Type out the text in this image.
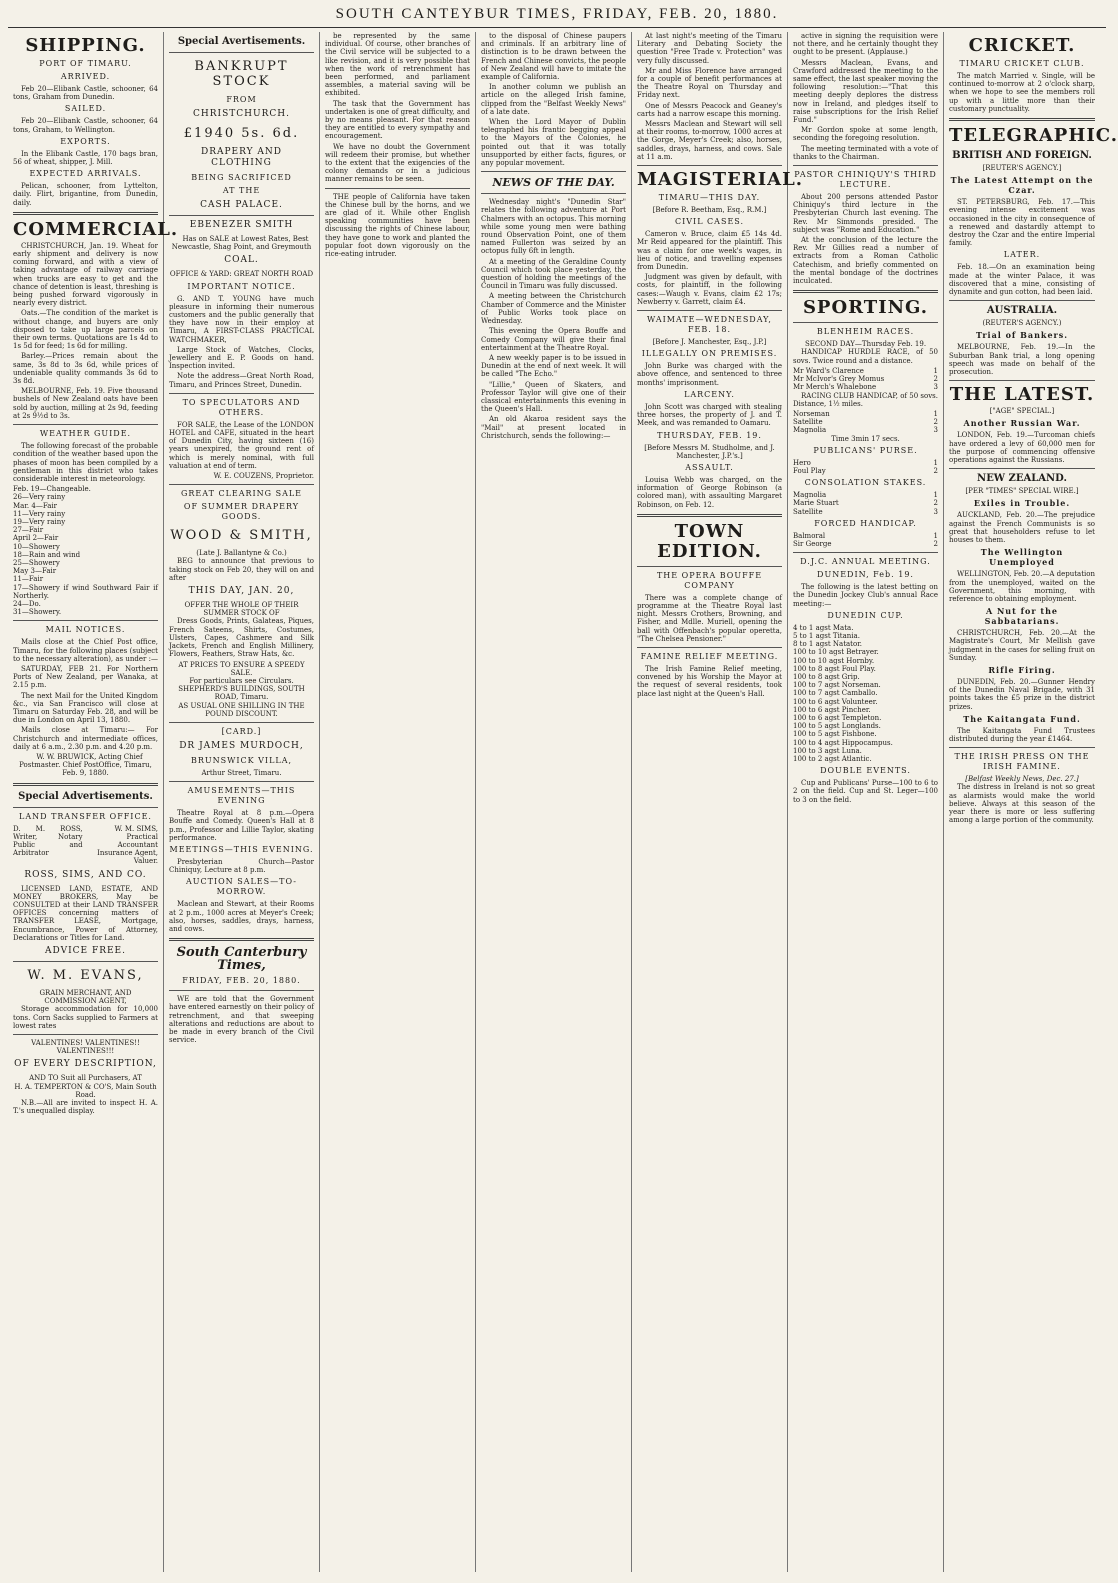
SOUTH CANTEYBUR TIMES, FRIDAY, FEB. 20, 1880.
SHIPPING.
PORT OF TIMARU.
ARRIVED.

Feb 20—Elibank Castle, schooner, 64 tons, Graham from Dunedin.

SAILED.

Feb 20—Elibank Castle, schooner, 64 tons, Graham, to Wellington.

EXPORTS.

In the Elibank Castle, 170 bags bran, 56 of wheat, shipper, J. Mill.

EXPECTED ARRIVALS.

Pelican, schooner, from Lyttelton, daily. Flirt, brigantine, from Dunedin, daily.

COMMERCIAL.

CHRISTCHURCH, Jan. 19. Wheat for early shipment and delivery is now coming forward, and with a view of taking advantage of railway carriage when trucks are easy to get and the chance of detention is least, threshing is being pushed forward vigorously in nearly every district.

Oats.—The condition of the market is without change, and buyers are only disposed to take up large parcels on their own terms. Quotations are 1s 4d to 1s 5d for feed; 1s 6d for milling.

Barley.—Prices remain about the same, 3s 8d to 3s 6d, while prices of undeniable quality commands 3s 6d to 3s 8d.

MELBOURNE, Feb. 19. Five thousand bushels of New Zealand oats have been sold by auction, milling at 2s 9d, feeding at 2s 9½d to 3s.

WEATHER GUIDE.

The following forecast of the probable condition of the weather based upon the phases of moon has been compiled by a gentleman in this district who takes considerable interest in meteorology.

Feb. 19—Changeable.
26—Very rainy
Mar. 4—Fair
11—Very rainy
19—Very rainy
27—Fair
April 2—Fair
10—Showery
18—Rain and wind
25—Showery
May 3—Fair
11—Fair
17—Showery if wind Southward Fair if Northerly.
24—Do.
31—Showery.
MAIL NOTICES.

Mails close at the Chief Post office, Timaru, for the following places (subject to the necessary alteration), as under :—

SATURDAY, FEB 21. For Northern Ports of New Zealand, per Wanaka, at 2.15 p.m.

The next Mail for the United Kingdom &c., via San Francisco will close at Timaru on Saturday Feb. 28, and will be due in London on April 13, 1880.

Mails close at Timaru:— For Christchurch and intermediate offices, daily at 6 a.m., 2.30 p.m. and 4.20 p.m.

W. W. BRUWICK, Acting Chief Postmaster. Chief PostOffice, Timaru, Feb. 9, 1880.

Special Advertisements.
LAND TRANSFER OFFICE.
D. M. ROSS, Writer, Notary Public and Arbitrator
W. M. SIMS, Practical Accountant Insurance Agent, Valuer.
ROSS, SIMS, AND CO.

LICENSED LAND, ESTATE, AND MONEY BROKERS, May be CONSULTED at their LAND TRANSFER OFFICES concerning matters of TRANSFER LEASE, Mortgage, Encumbrance, Power of Attorney, Declarations or Titles for Land.

ADVICE FREE.
W. M. EVANS,
GRAIN MERCHANT, AND COMMISSION AGENT,

Storage accommodation for 10,000 tons. Corn Sacks supplied to Farmers at lowest rates

VALENTINES! VALENTINES!! VALENTINES!!!
OF EVERY DESCRIPTION,
AND TO Suit all Purchasers, AT
H. A. TEMPERTON & CO'S, Main South Road.

N.B.—All are invited to inspect H. A. T.'s unequalled display.

Special Avertisements.
BANKRUPT STOCK
FROM
CHRISTCHURCH.
£1940 5s. 6d.
DRAPERY AND CLOTHING
BEING SACRIFICED
AT THE
CASH PALACE.
EBENEZER SMITH

Has on SALE at Lowest Rates, Best Newcastle, Shag Point, and Greymouth

COAL.
OFFICE & YARD: GREAT NORTH ROAD
IMPORTANT NOTICE.

G. AND T. YOUNG have much pleasure in informing their numerous customers and the public generally that they have now in their employ at Timaru, A FIRST-CLASS PRACTICAL WATCHMAKER,

Large Stock of Watches, Clocks, Jewellery and E. P. Goods on hand. Inspection invited.

Note the address—Great North Road, Timaru, and Princes Street, Dunedin.

TO SPECULATORS AND OTHERS.

FOR SALE, the Lease of the LONDON HOTEL and CAFE, situated in the heart of Dunedin City, having sixteen (16) years unexpired, the ground rent of which is merely nominal, with full valuation at end of term.

W. E. COUZENS, Proprietor.

GREAT CLEARING SALE
OF SUMMER DRAPERY GOODS.
WOOD & SMITH,
(Late J. Ballantyne & Co.)

BEG to announce that previous to taking stock on Feb 20, they will on and after

THIS DAY, JAN. 20,
OFFER THE WHOLE OF THEIR SUMMER STOCK OF

Dress Goods, Prints, Galateas, Piques, French Sateens, Shirts, Costumes, Ulsters, Capes, Cashmere and Silk Jackets, French and English Millinery, Flowers, Feathers, Straw Hats, &c.

AT PRICES TO ENSURE A SPEEDY SALE.
For particulars see Circulars.
SHEPHERD'S BUILDINGS, SOUTH ROAD, Timaru.
AS USUAL ONE SHILLING IN THE POUND DISCOUNT.
[CARD.]
DR JAMES MURDOCH,
BRUNSWICK VILLA,
Arthur Street, Timaru.
AMUSEMENTS—THIS EVENING

Theatre Royal at 8 p.m.—Opera Bouffe and Comedy. Queen's Hall at 8 p.m., Professor and Lillie Taylor, skating performance.

MEETINGS—THIS EVENING.

Presbyterian Church—Pastor Chiniquy, Lecture at 8 p.m.

AUCTION SALES—TO-MORROW.

Maclean and Stewart, at their Rooms at 2 p.m., 1000 acres at Meyer's Creek; also, horses, saddles, drays, harness, and cows.

South Canterbury Times,
FRIDAY, FEB. 20, 1880.

WE are told that the Government have entered earnestly on their policy of retrenchment, and that sweeping alterations and reductions are about to be made in every branch of the Civil service.

be represented by the same individual. Of course, other branches of the Civil service will be subjected to a like revision, and it is very possible that when the work of retrenchment has been performed, and parliament assembles, a material saving will be exhibited.

The task that the Government has undertaken is one of great difficulty, and by no means pleasant. For that reason they are entitled to every sympathy and encouragement.

We have no doubt the Government will redeem their promise, but whether to the extent that the exigencies of the colony demands or in a judicious manner remains to be seen.

THE people of California have taken the Chinese bull by the horns, and we are glad of it. While other English speaking communities have been discussing the rights of Chinese labour, they have gone to work and planted the popular foot down vigorously on the rice-eating intruder.

to the disposal of Chinese paupers and criminals. If an arbitrary line of distinction is to be drawn between the French and Chinese convicts, the people of New Zealand will have to imitate the example of California.

In another column we publish an article on the alleged Irish famine, clipped from the "Belfast Weekly News" of a late date.

When the Lord Mayor of Dublin telegraphed his frantic begging appeal to the Mayors of the Colonies, he pointed out that it was totally unsupported by either facts, figures, or any popular movement.

NEWS OF THE DAY.

Wednesday night's "Dunedin Star" relates the following adventure at Port Chalmers with an octopus. This morning while some young men were bathing round Observation Point, one of them named Fullerton was seized by an octopus fully 6ft in length.

At a meeting of the Geraldine County Council which took place yesterday, the question of holding the meetings of the Council in Timaru was fully discussed.

A meeting between the Christchurch Chamber of Commerce and the Minister of Public Works took place on Wednesday.

This evening the Opera Bouffe and Comedy Company will give their final entertainment at the Theatre Royal.

A new weekly paper is to be issued in Dunedin at the end of next week. It will be called "The Echo."

"Lillie," Queen of Skaters, and Professor Taylor will give one of their classical entertainments this evening in the Queen's Hall.

An old Akaroa resident says the "Mail" at present located in Christchurch, sends the following:—

At last night's meeting of the Timaru Literary and Debating Society the question "Free Trade v. Protection" was very fully discussed.

Mr and Miss Florence have arranged for a couple of benefit performances at the Theatre Royal on Thursday and Friday next.

One of Messrs Peacock and Geaney's carts had a narrow escape this morning.

Messrs Maclean and Stewart will sell at their rooms, to-morrow, 1000 acres at the Gorge, Meyer's Creek; also, horses, saddles, drays, harness, and cows. Sale at 11 a.m.

MAGISTERIAL.
TIMARU—THIS DAY.
[Before R. Beetham, Esq., R.M.]
CIVIL CASES.

Cameron v. Bruce, claim £5 14s 4d. Mr Reid appeared for the plaintiff. This was a claim for one week's wages, in lieu of notice, and travelling expenses from Dunedin.

Judgment was given by default, with costs, for plaintiff, in the following cases:—Waugh v. Evans, claim £2 17s; Newberry v. Garrett, claim £4.

WAIMATE—WEDNESDAY, FEB. 18.
[Before J. Manchester, Esq., J.P.]
ILLEGALLY ON PREMISES.

John Burke was charged with the above offence, and sentenced to three months' imprisonment.

LARCENY.

John Scott was charged with stealing three horses, the property of J. and T. Meek, and was remanded to Oamaru.

THURSDAY, FEB. 19.
[Before Messrs M. Studholme, and J. Manchester, J.P.'s.]
ASSAULT.

Louisa Webb was charged, on the information of George Robinson (a colored man), with assaulting Margaret Robinson, on Feb. 12.

TOWN EDITION.
THE OPERA BOUFFE COMPANY

There was a complete change of programme at the Theatre Royal last night. Messrs Crothers, Browning, and Fisher, and Mdlle. Muriell, opening the ball with Offenbach's popular operetta, "The Chelsea Pensioner."

FAMINE RELIEF MEETING.

The Irish Famine Relief meeting, convened by his Worship the Mayor at the request of several residents, took place last night at the Queen's Hall.

active in signing the requisition were not there, and he certainly thought they ought to be present. (Applause.)

Messrs Maclean, Evans, and Crawford addressed the meeting to the same effect, the last speaker moving the following resolution:—"That this meeting deeply deplores the distress now in Ireland, and pledges itself to raise subscriptions for the Irish Relief Fund."

Mr Gordon spoke at some length, seconding the foregoing resolution.

The meeting terminated with a vote of thanks to the Chairman.

PASTOR CHINIQUY'S THIRD LECTURE.

About 200 persons attended Pastor Chiniquy's third lecture in the Presbyterian Church last evening. The Rev. Mr Simmonds presided. The subject was "Rome and Education."

At the conclusion of the lecture the Rev. Mr Gillies read a number of extracts from a Roman Catholic Catechism, and briefly commented on the mental bondage of the doctrines inculcated.

SPORTING.
BLENHEIM RACES.
SECOND DAY—Thursday Feb. 19.

HANDICAP HURDLE RACE, of 50 sovs. Twice round and a distance.

Mr Ward's Clarence	1
Mr McIvor's Grey Momus	2
Mr Merch's Whalebone	3

RACING CLUB HANDICAP, of 50 sovs. Distance, 1½ miles.

Norseman	1
Satellite	2
Magnolia	3
Time 3min 17 secs.
PUBLICANS' PURSE.
Hero	1
Foul Play	2
CONSOLATION STAKES.
Magnolia	1
Marie Stuart	2
Satellite	3
FORCED HANDICAP.
Balmoral	1
Sir George	2
D.J.C. ANNUAL MEETING.
DUNEDIN, Feb. 19.

The following is the latest betting on the Dunedin Jockey Club's annual Race meeting:—

DUNEDIN CUP.
4 to 1 agst Mata.
5 to 1 agst Titania.
8 to 1 agst Natator.
100 to 10 agst Betrayer.
100 to 10 agst Hornby.
100 to 8 agst Foul Play.
100 to 8 agst Grip.
100 to 7 agst Norseman.
100 to 7 agst Camballo.
100 to 6 agst Volunteer.
100 to 6 agst Pincher.
100 to 6 agst Templeton.
100 to 5 agst Longlands.
100 to 5 agst Fishbone.
100 to 4 agst Hippocampus.
100 to 3 agst Luna.
100 to 2 agst Atlantic.
DOUBLE EVENTS.

Cup and Publicans' Purse—100 to 6 to 2 on the field. Cup and St. Leger—100 to 3 on the field.

CRICKET.
TIMARU CRICKET CLUB.

The match Married v. Single, will be continued to-morrow at 2 o'clock sharp, when we hope to see the members roll up with a little more than their customary punctuality.

TELEGRAPHIC.
BRITISH AND FOREIGN.
[REUTER'S AGENCY.]
The Latest Attempt on the Czar.

ST. PETERSBURG, Feb. 17.—This evening intense excitement was occasioned in the city in consequence of a renewed and dastardly attempt to destroy the Czar and the entire Imperial family.

LATER.

Feb. 18.—On an examination being made at the winter Palace, it was discovered that a mine, consisting of dynamite and gun cotton, had been laid.

AUSTRALIA.
(REUTER'S AGENCY.)
Trial of Bankers.

MELBOURNE, Feb. 19.—In the Suburban Bank trial, a long opening speech was made on behalf of the prosecution.

THE LATEST.
["AGE" SPECIAL.]
Another Russian War.

LONDON, Feb. 19.—Turcoman chiefs have ordered a levy of 60,000 men for the purpose of commencing offensive operations against the Russians.

NEW ZEALAND.
[PER "TIMES" SPECIAL WIRE.]
Exiles in Trouble.

AUCKLAND, Feb. 20.—The prejudice against the French Communists is so great that householders refuse to let houses to them.

The Wellington Unemployed

WELLINGTON, Feb. 20.—A deputation from the unemployed, waited on the Government, this morning, with reference to obtaining employment.

A Nut for the Sabbatarians.

CHRISTCHURCH, Feb. 20.—At the Magistrate's Court, Mr Mellish gave judgment in the cases for selling fruit on Sunday.

Rifle Firing.

DUNEDIN, Feb. 20.—Gunner Hendry of the Dunedin Naval Brigade, with 31 points takes the £5 prize in the district prizes.

The Kaitangata Fund.

The Kaitangata Fund Trustees distributed during the year £1464.

THE IRISH PRESS ON THE IRISH FAMINE.
[Belfast Weekly News, Dec. 27.]

The distress in Ireland is not so great as alarmists would make the world believe. Always at this season of the year there is more or less suffering among a large portion of the community.
